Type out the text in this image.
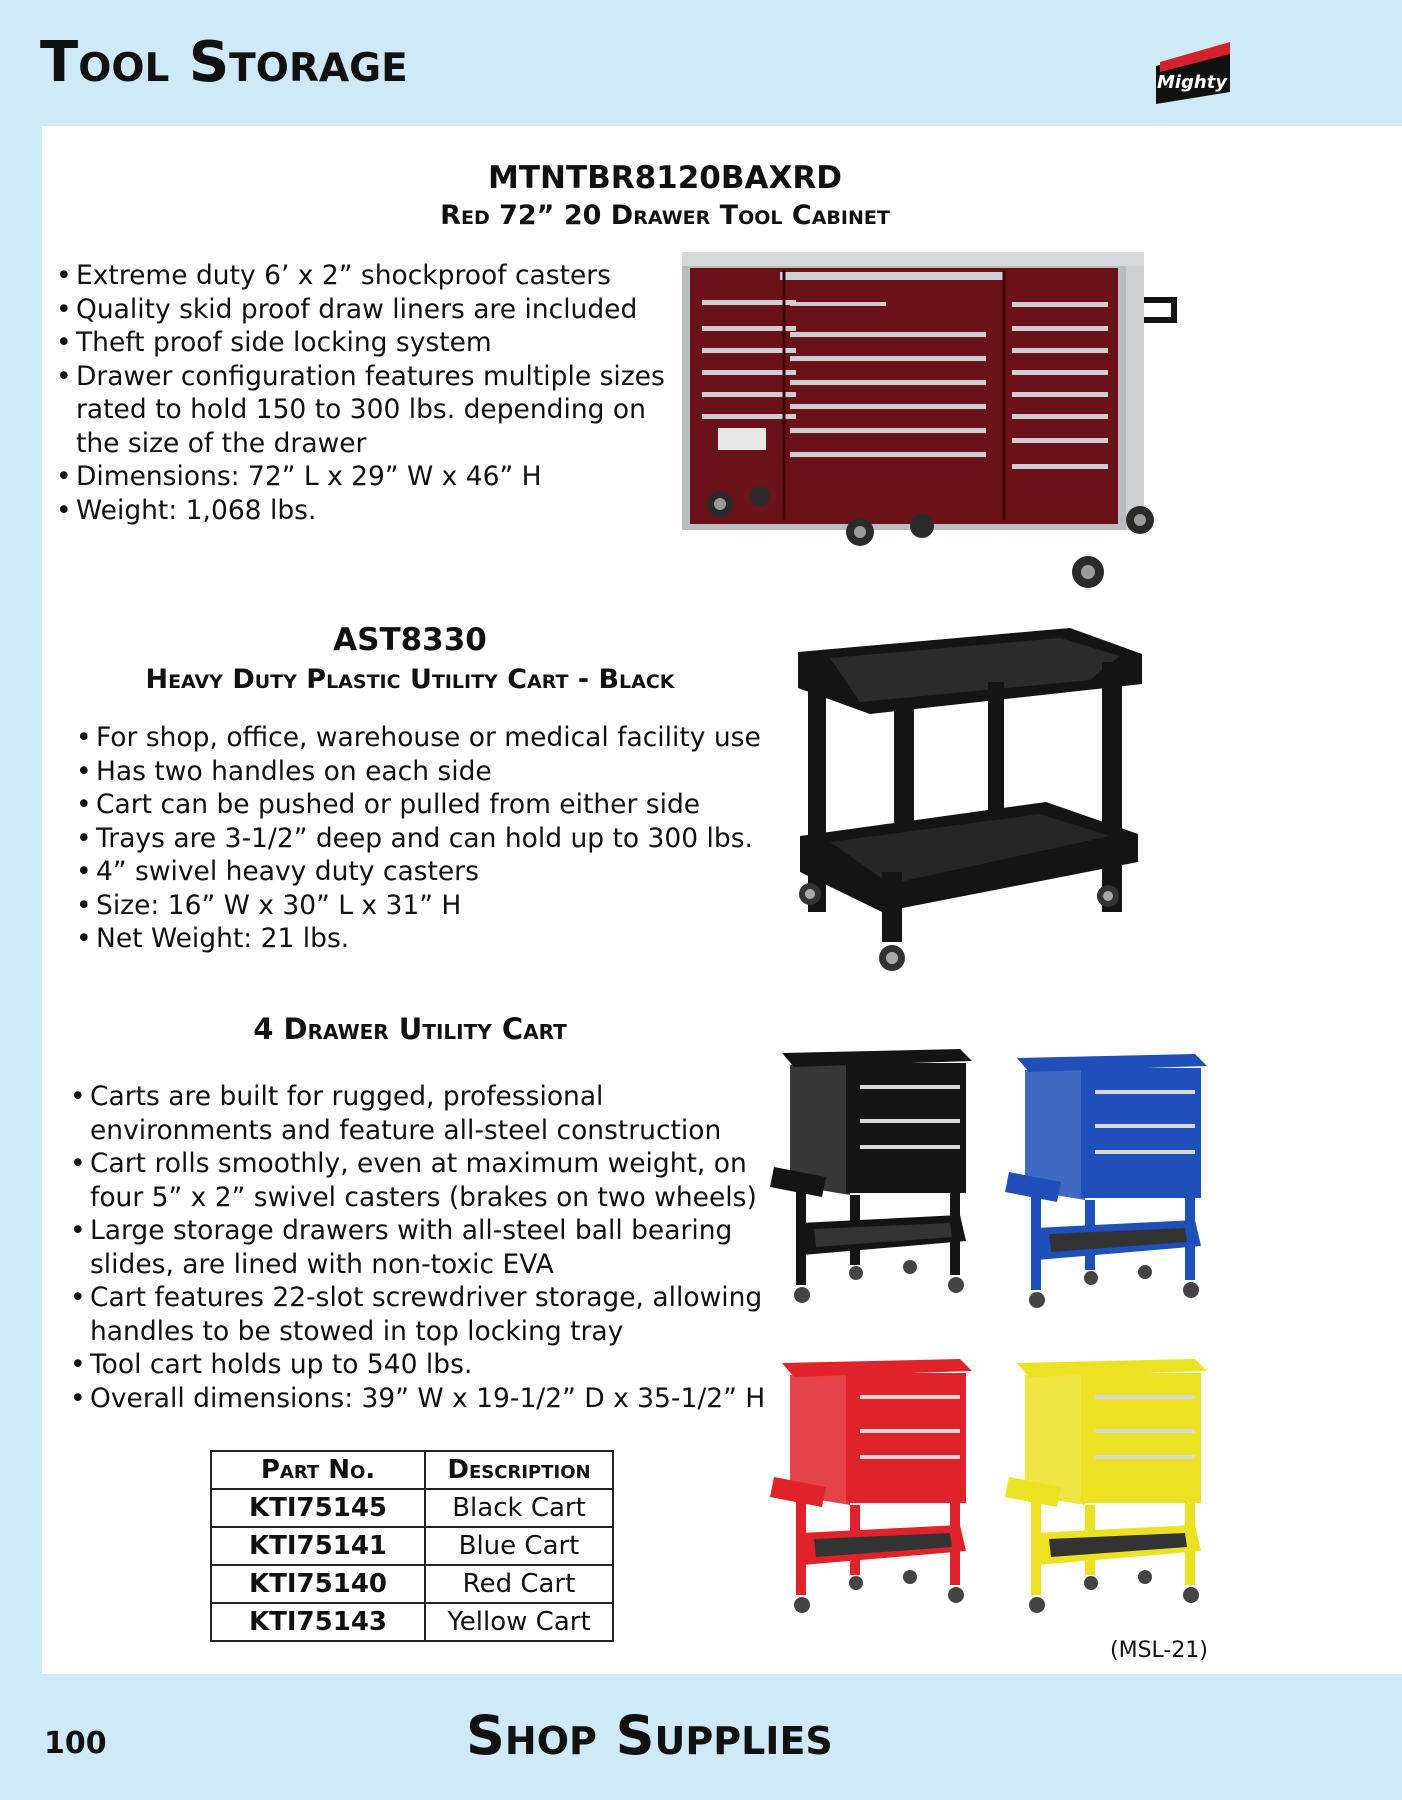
Tool Storage	Mighty
MTNTBR8120BAXRD
Red 72” 20 Drawer Tool Cabinet
• Extreme duty 6’ x 2” shockproof casters
• Quality skid proof draw liners are included
• Theft proof side locking system
• Drawer configuration features multiple sizes rated to hold 150 to 300 lbs. depending on the size of the drawer
• Dimensions: 72” L x 29” W x 46” H
• Weight: 1,068 lbs.
AST8330
Heavy Duty Plastic Utility Cart - Black
• For shop, office, warehouse or medical facility use
• Has two handles on each side
• Cart can be pushed or pulled from either side
• Trays are 3-1/2” deep and can hold up to 300 lbs.
• 4” swivel heavy duty casters
• Size: 16” W x 30” L x 31” H
• Net Weight: 21 lbs.
4 Drawer Utility Cart
• Carts are built for rugged, professional environments and feature all-steel construction
• Cart rolls smoothly, even at maximum weight, on four 5” x 2” swivel casters (brakes on two wheels)
• Large storage drawers with all-steel ball bearing slides, are lined with non-toxic EVA
• Cart features 22-slot screwdriver storage, allowing handles to be stowed in top locking tray
• Tool cart holds up to 540 lbs.
• Overall dimensions: 39” W x 19-1/2” D x 35-1/2” H
Part No.	Description
KTI75145	Black Cart
KTI75141	Blue Cart
KTI75140	Red Cart
KTI75143	Yellow Cart
(MSL-21)
100	Shop Supplies
